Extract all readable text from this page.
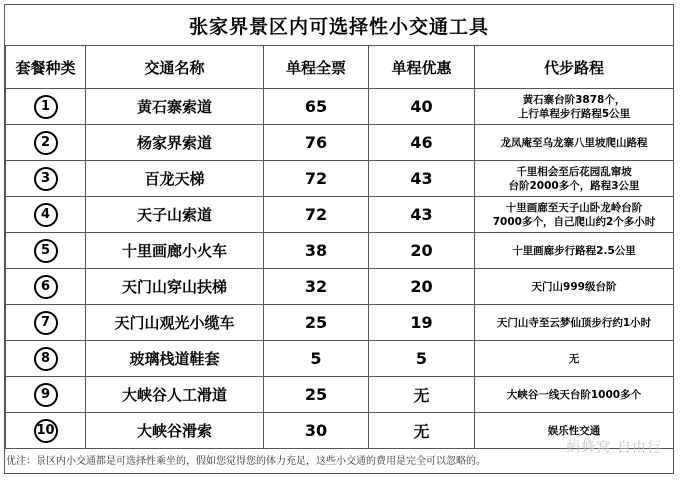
张家界景区内可选择性小交通工具
套餐种类	交通名称	单程全票	单程优惠	代步路程
1	黄石寨索道	65	40	黄石寨台阶3878个，
上行单程步行路程5公里

2	杨家界索道	76	46	龙凤庵至乌龙寨八里坡爬山路程

3	百龙天梯	72	43	千里相会至后花园乱窜坡
台阶2000多个，路程3公里

4	天子山索道	72	43	十里画廊至天子山卧龙岭台阶
7000多个，自己爬山约2个多小时

5	十里画廊小火车	38	20	十里画廊步行路程2.5公里

6	天门山穿山扶梯	32	20	天门山999级台阶

7	天门山观光小缆车	25	19	天门山寺至云梦仙顶步行约1小时

8	玻璃栈道鞋套	5	5	无

9	大峡谷人工滑道	25	无	大峡谷一线天台阶1000多个

10	大峡谷滑索	30	无	娱乐性交通
优注：景区内小交通都是可选择性乘坐的，假如您觉得您的体力充足，这些小交通的费用是完全可以忽略的。
蚂蜂窝 自由行
